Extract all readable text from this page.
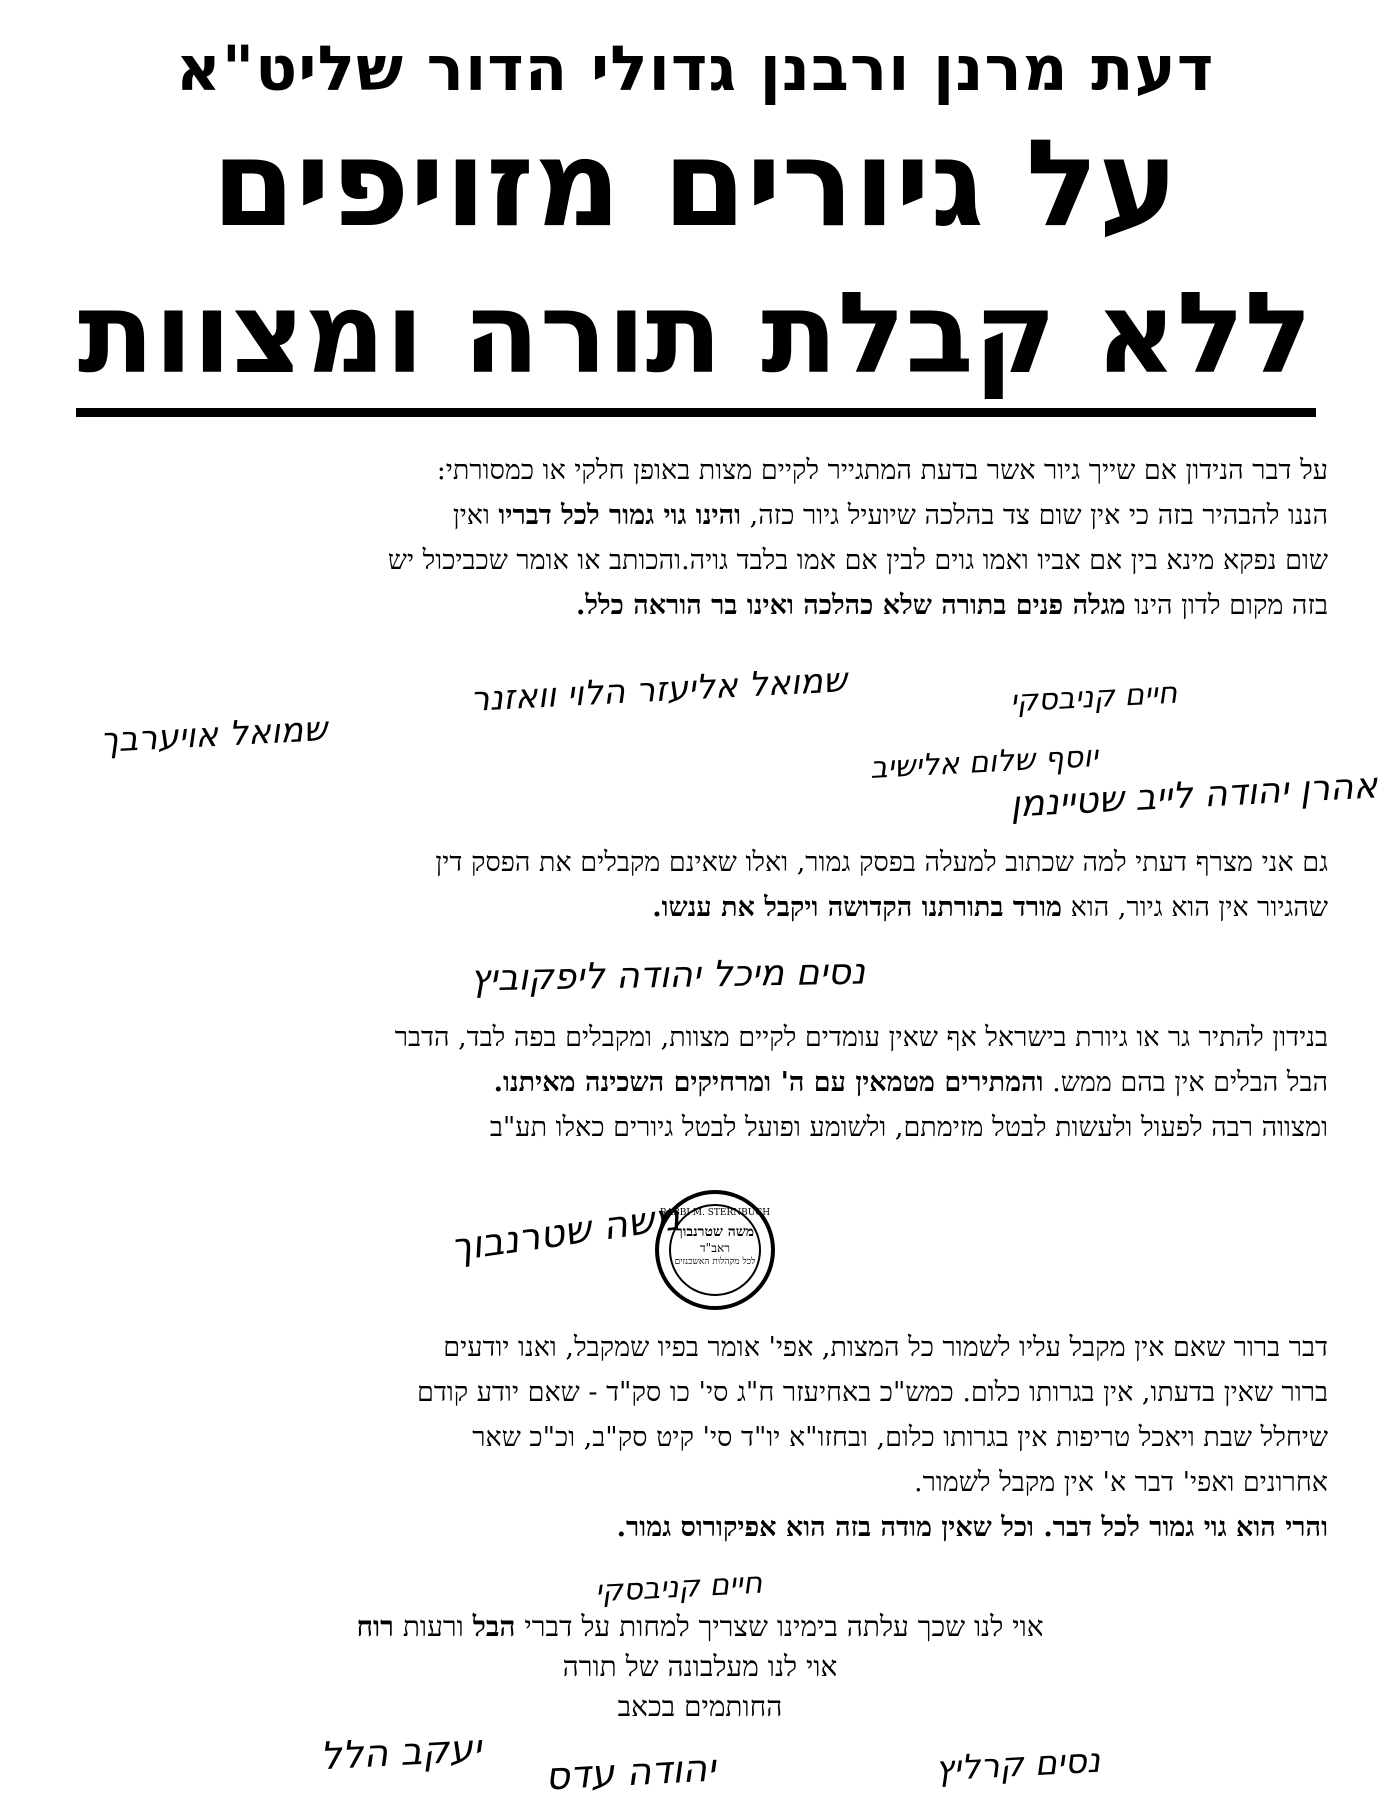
דעת מרנן ורבנן גדולי הדור שליט"א
על גיורים מזויפים
ללא קבלת תורה ומצוות

על דבר הנידון אם שייך גיור אשר בדעת המתגייר לקיים מצות באופן חלקי או כמסורתי:

הננו להבהיר בזה כי אין שום צד בהלכה שיועיל גיור כזה, והינו גוי גמור לכל דבריו ואין

שום נפקא מינא בין אם אביו ואמו גוים לבין אם אמו בלבד גויה.והכותב או אומר שכביכול יש

בזה מקום לדון הינו מגלה פנים בתורה שלא כהלכה ואינו בר הוראה כלל.

שמואל אויערבך
שמואל אליעזר הלוי וואזנר
יוסף שלום אלישיב
חיים קניבסקי
אהרן יהודה לייב שטיינמן

גם אני מצרף דעתי למה שכתוב למעלה בפסק גמור, ואלו שאינם מקבלים את הפסק דין

שהגיור אין הוא גיור, הוא מורד בתורתנו הקדושה ויקבל את ענשו.

נסים מיכל יהודה ליפקוביץ

בנידון להתיר גר או גיורת בישראל אף שאין עומדים לקיים מצוות, ומקבלים בפה לבד, הדבר

הבל הבלים אין בהם ממש. והמתירים מטמאין עם ה' ומרחיקים השכינה מאיתנו.

ומצווה רבה לפעול ולעשות לבטל מזימתם, ולשומע ופועל לבטל גיורים כאלו תע"ב

משה שטרנבוך
RABBI M. STERNBUCH
משה שטרנבוך
ראב"ד
לכל מקהלות האשכנזים

דבר ברור שאם אין מקבל עליו לשמור כל המצות, אפי' אומר בפיו שמקבל, ואנו יודעים

ברור שאין בדעתו, אין בגרותו כלום. כמש"כ באחיעזר ח"ג סי' כו סק"ד - שאם יודע קודם

שיחלל שבת ויאכל טריפות אין בגרותו כלום, ובחזו"א יו"ד סי' קיט סק"ב, וכ"כ שאר

אחרונים ואפי' דבר א' אין מקבל לשמור.

והרי הוא גוי גמור לכל דבר. וכל שאין מודה בזה הוא אפיקורוס גמור.

חיים קניבסקי
אוי לנו שכך עלתה בימינו שצריך למחות על דברי הבל ורעות רוח
אוי לנו מעלבונה של תורה
החותמים בכאב
נסים קרליץ
יהודה עדס
יעקב הלל
